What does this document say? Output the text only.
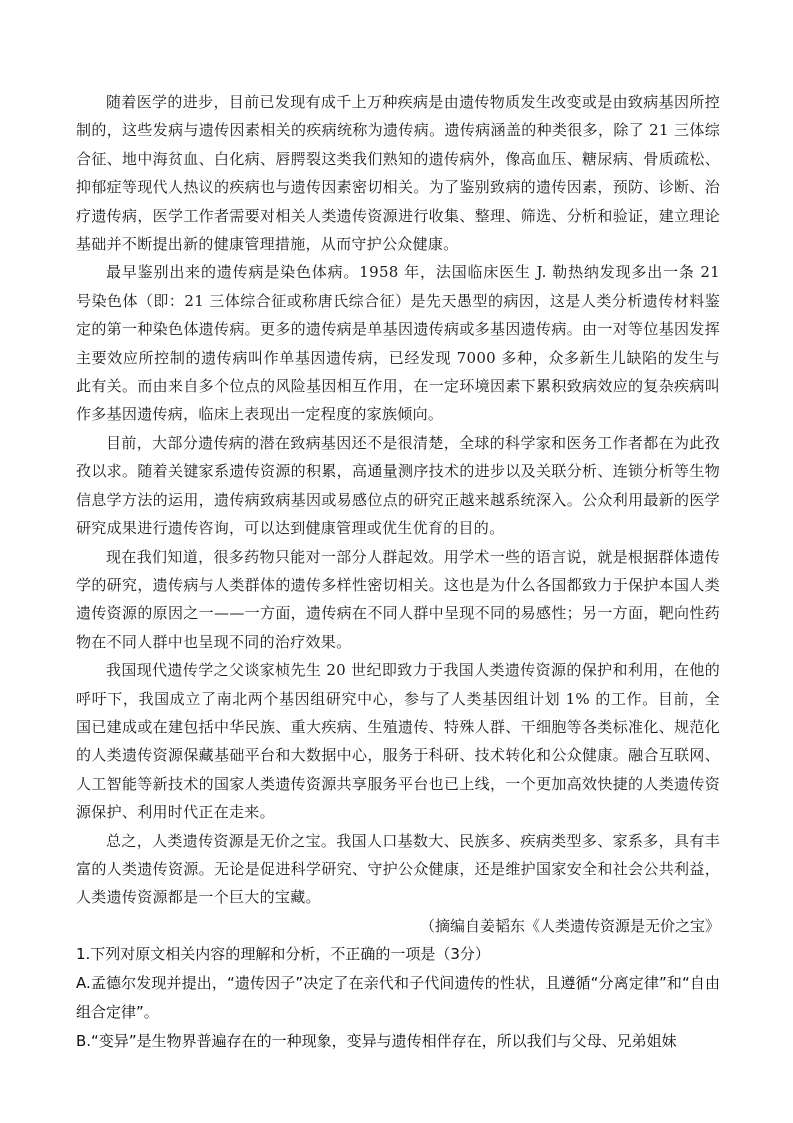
随着医学的进步，目前已发现有成千上万种疾病是由遗传物质发生改变或是由致病基因所控制的，这些发病与遗传因素相关的疾病统称为遗传病。遗传病涵盖的种类很多，除了 21 三体综合征、地中海贫血、白化病、唇腭裂这类我们熟知的遗传病外，像高血压、糖尿病、骨质疏松、抑郁症等现代人热议的疾病也与遗传因素密切相关。为了鉴别致病的遗传因素，预防、诊断、治疗遗传病，医学工作者需要对相关人类遗传资源进行收集、整理、筛选、分析和验证，建立理论基础并不断提出新的健康管理措施，从而守护公众健康。

最早鉴别出来的遗传病是染色体病。1958 年，法国临床医生 J. 勒热纳发现多出一条 21 号染色体（即：21 三体综合征或称唐氏综合征）是先天愚型的病因，这是人类分析遗传材料鉴定的第一种染色体遗传病。更多的遗传病是单基因遗传病或多基因遗传病。由一对等位基因发挥主要效应所控制的遗传病叫作单基因遗传病，已经发现 7000 多种，众多新生儿缺陷的发生与此有关。而由来自多个位点的风险基因相互作用，在一定环境因素下累积致病效应的复杂疾病叫作多基因遗传病，临床上表现出一定程度的家族倾向。

目前，大部分遗传病的潜在致病基因还不是很清楚，全球的科学家和医务工作者都在为此孜孜以求。随着关键家系遗传资源的积累，高通量测序技术的进步以及关联分析、连锁分析等生物信息学方法的运用，遗传病致病基因或易感位点的研究正越来越系统深入。公众利用最新的医学研究成果进行遗传咨询，可以达到健康管理或优生优育的目的。

现在我们知道，很多药物只能对一部分人群起效。用学术一些的语言说，就是根据群体遗传学的研究，遗传病与人类群体的遗传多样性密切相关。这也是为什么各国都致力于保护本国人类遗传资源的原因之一——一方面，遗传病在不同人群中呈现不同的易感性；另一方面，靶向性药物在不同人群中也呈现不同的治疗效果。

我国现代遗传学之父谈家桢先生 20 世纪即致力于我国人类遗传资源的保护和利用，在他的呼吁下，我国成立了南北两个基因组研究中心，参与了人类基因组计划 1% 的工作。目前，全国已建成或在建包括中华民族、重大疾病、生殖遗传、特殊人群、干细胞等各类标准化、规范化的人类遗传资源保藏基础平台和大数据中心，服务于科研、技术转化和公众健康。融合互联网、人工智能等新技术的国家人类遗传资源共享服务平台也已上线，一个更加高效快捷的人类遗传资源保护、利用时代正在走来。

总之，人类遗传资源是无价之宝。我国人口基数大、民族多、疾病类型多、家系多，具有丰富的人类遗传资源。无论是促进科学研究、守护公众健康，还是维护国家安全和社会公共利益，人类遗传资源都是一个巨大的宝藏。

（摘编自姜韬东《人类遗传资源是无价之宝》

1.下列对原文相关内容的理解和分析，不正确的一项是（3分）

A.孟德尔发现并提出，“遗传因子”决定了在亲代和子代间遗传的性状，且遵循“分离定律”和“自由组合定律”。

B.“变异”是生物界普遍存在的一种现象，变异与遗传相伴存在，所以我们与父母、兄弟姐妹
